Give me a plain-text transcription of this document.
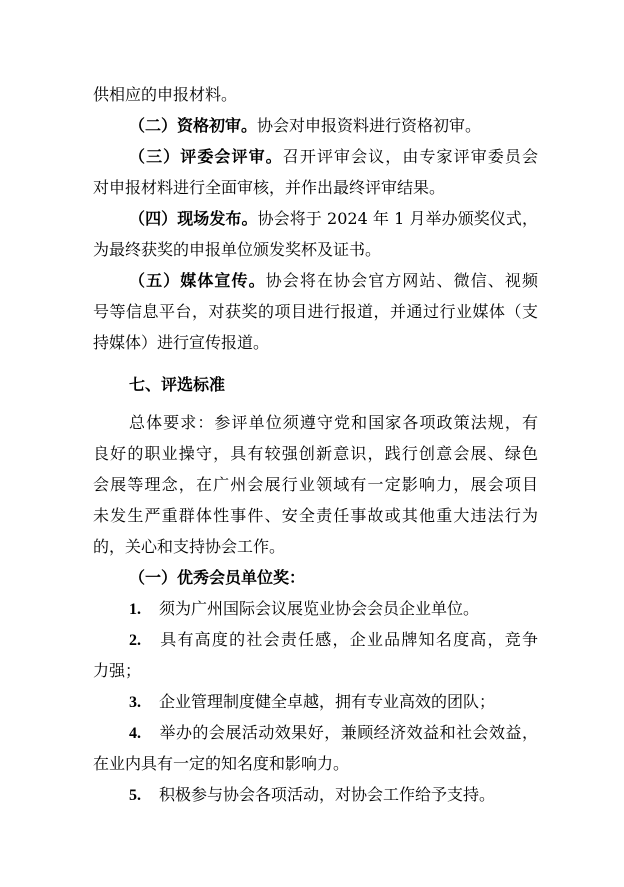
供相应的申报材料。
（二）资格初审。协会对申报资料进行资格初审。
（三）评委会评审。召开评审会议，由专家评审委员会
对申报材料进行全面审核，并作出最终评审结果。
（四）现场发布。协会将于 2024 年 1 月举办颁奖仪式，
为最终获奖的申报单位颁发奖杯及证书。
（五）媒体宣传。协会将在协会官方网站、微信、视频
号等信息平台，对获奖的项目进行报道，并通过行业媒体（支
持媒体）进行宣传报道。
七、评选标准
总体要求：参评单位须遵守党和国家各项政策法规，有
良好的职业操守，具有较强创新意识，践行创意会展、绿色
会展等理念，在广州会展行业领域有一定影响力，展会项目
未发生严重群体性事件、安全责任事故或其他重大违法行为
的，关心和支持协会工作。
（一）优秀会员单位奖：
1. 须为广州国际会议展览业协会会员企业单位。
2. 具有高度的社会责任感，企业品牌知名度高，竞争
力强；
3. 企业管理制度健全卓越，拥有专业高效的团队；
4. 举办的会展活动效果好，兼顾经济效益和社会效益，
在业内具有一定的知名度和影响力。
5. 积极参与协会各项活动，对协会工作给予支持。
